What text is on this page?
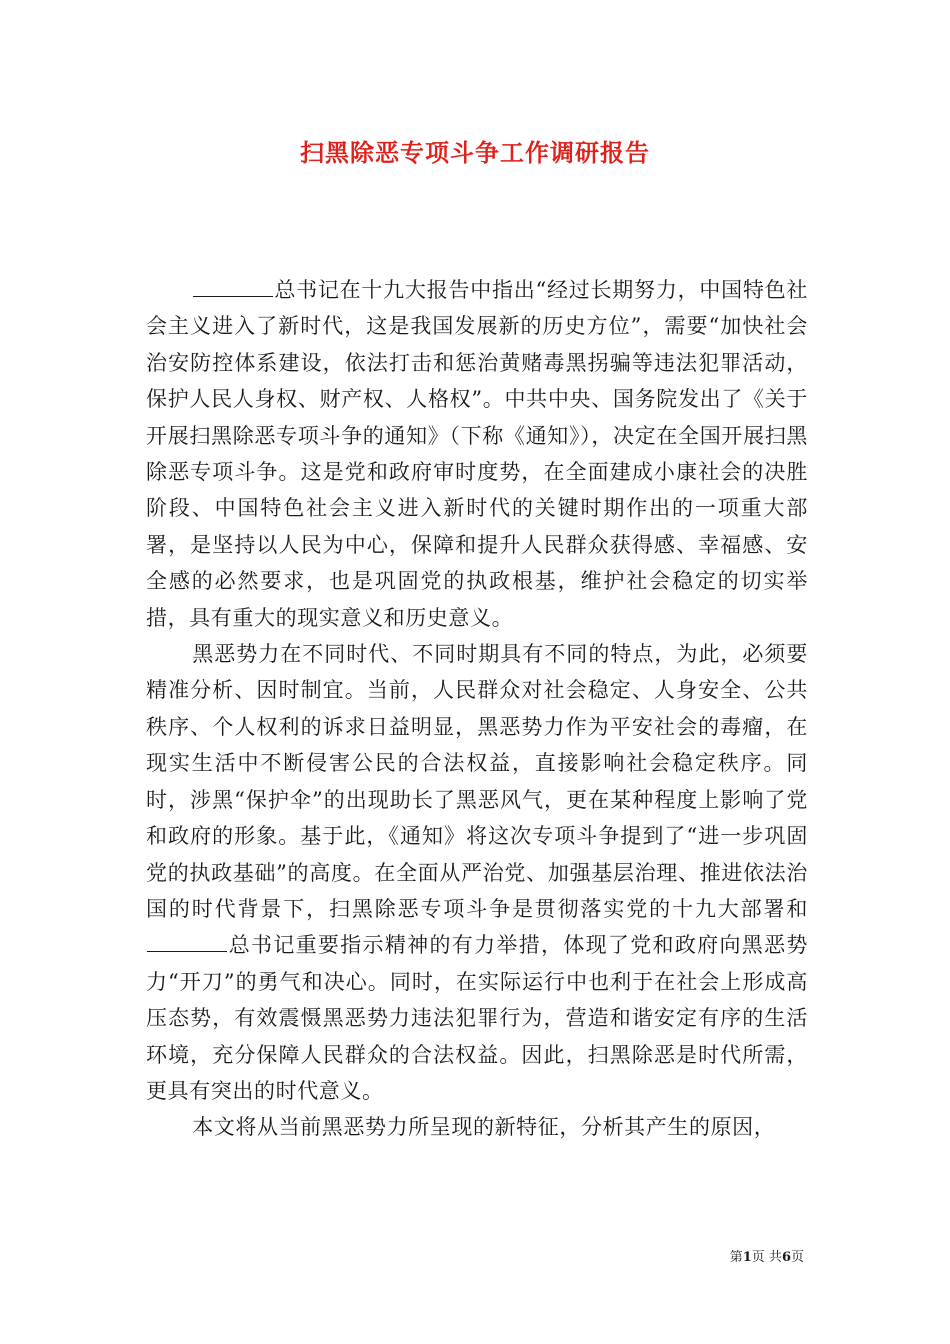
扫黑除恶专项斗争工作调研报告

总书记在十九大报告中指出“经过长期努力，中国特色社会主义进入了新时代，这是我国发展新的历史方位”，需要“加快社会治安防控体系建设，依法打击和惩治黄赌毒黑拐骗等违法犯罪活动，保护人民人身权、财产权、人格权”。中共中央、国务院发出了《关于开展扫黑除恶专项斗争的通知》（下称《通知》），决定在全国开展扫黑除恶专项斗争。这是党和政府审时度势，在全面建成小康社会的决胜阶段、中国特色社会主义进入新时代的关键时期作出的一项重大部署，是坚持以人民为中心，保障和提升人民群众获得感、幸福感、安全感的必然要求，也是巩固党的执政根基，维护社会稳定的切实举措，具有重大的现实意义和历史意义。

黑恶势力在不同时代、不同时期具有不同的特点，为此，必须要精准分析、因时制宜。当前，人民群众对社会稳定、人身安全、公共秩序、个人权利的诉求日益明显，黑恶势力作为平安社会的毒瘤，在现实生活中不断侵害公民的合法权益，直接影响社会稳定秩序。同时，涉黑“保护伞”的出现助长了黑恶风气，更在某种程度上影响了党和政府的形象。基于此，《通知》将这次专项斗争提到了“进一步巩固党的执政基础”的高度。在全面从严治党、加强基层治理、推进依法治国的时代背景下，扫黑除恶专项斗争是贯彻落实党的十九大部署和总书记重要指示精神的有力举措，体现了党和政府向黑恶势力“开刀”的勇气和决心。同时，在实际运行中也利于在社会上形成高压态势，有效震慑黑恶势力违法犯罪行为，营造和谐安定有序的生活环境，充分保障人民群众的合法权益。因此，扫黑除恶是时代所需，更具有突出的时代意义。

本文将从当前黑恶势力所呈现的新特征，分析其产生的原因，

第1页 共6页
